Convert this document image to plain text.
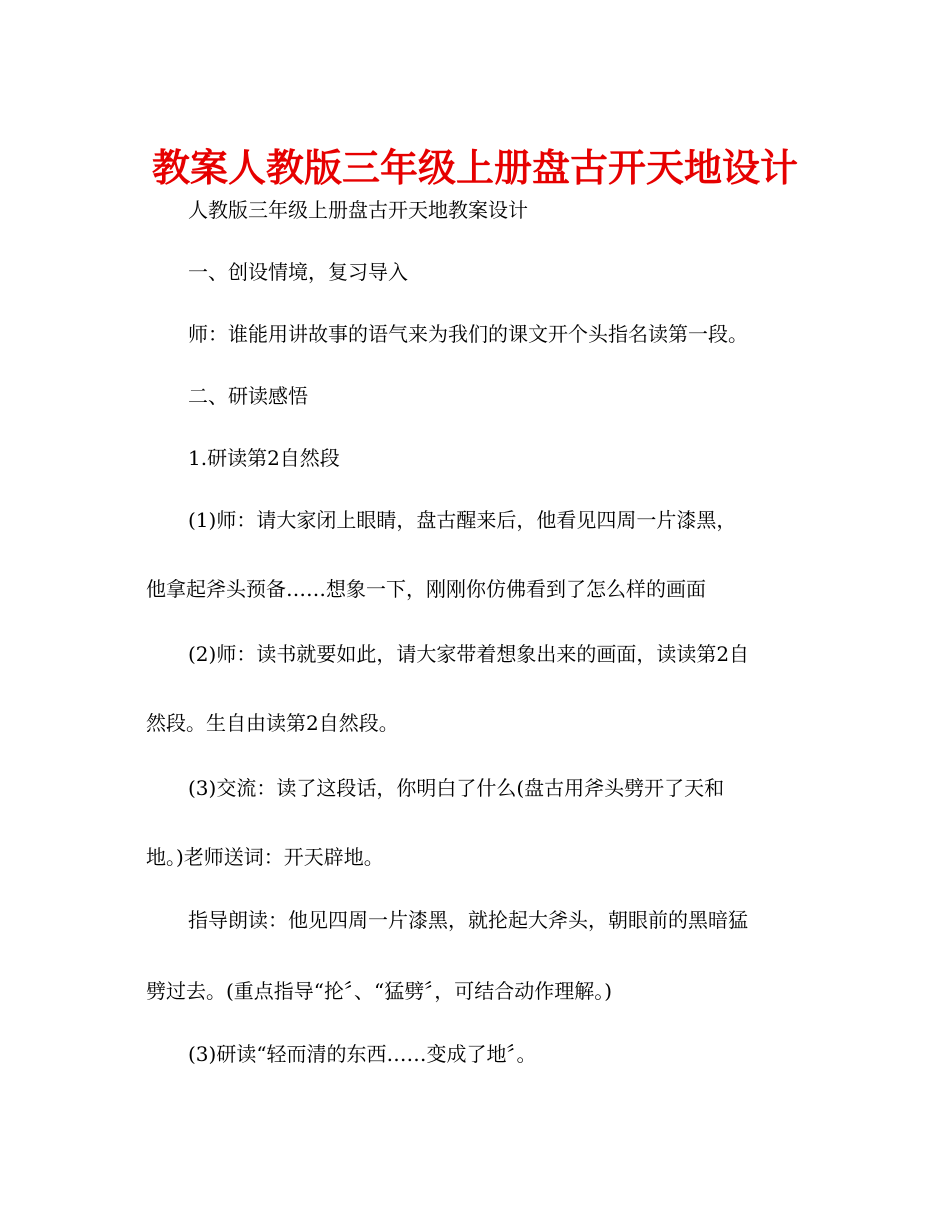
教案人教版三年级上册盘古开天地设计

人教版三年级上册盘古开天地教案设计

一、创设情境，复习导入

师：谁能用讲故事的语气来为我们的课文开个头指名读第一段。

二、研读感悟

1.研读第2自然段

(1)师：请大家闭上眼睛，盘古醒来后，他看见四周一片漆黑，

他拿起斧头预备……想象一下，刚刚你仿佛看到了怎么样的画面

(2)师：读书就要如此，请大家带着想象出来的画面，读读第2自

然段。生自由读第2自然段。

(3)交流：读了这段话，你明白了什么(盘古用斧头劈开了天和

地。)老师送词：开天辟地。

指导朗读：他见四周一片漆黑，就抡起大斧头，朝眼前的黑暗猛

劈过去。(重点指导“抡〞、“猛劈〞，可结合动作理解。)

(3)研读“轻而清的东西……变成了地〞。
